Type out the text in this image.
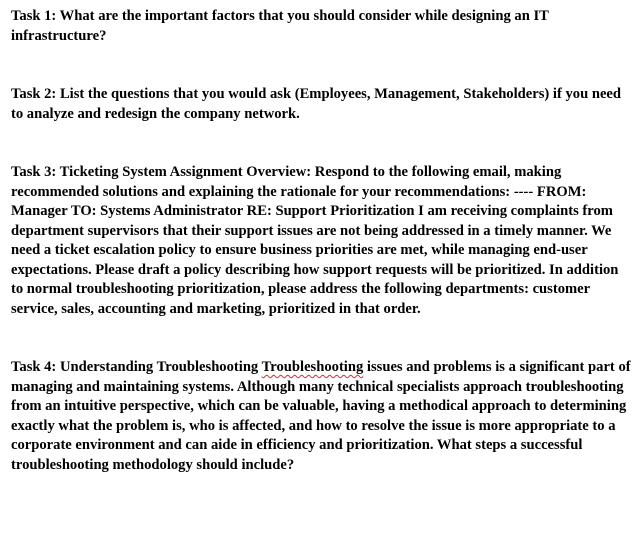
Task 1: What are the important factors that you should consider while designing an IT infrastructure?

Task 2: List the questions that you would ask (Employees, Management, Stakeholders) if you need to analyze and redesign the company network.

Task 3: Ticketing System Assignment Overview: Respond to the following email, making recommended solutions and explaining the rationale for your recommendations: ---- FROM: Manager TO: Systems Administrator RE: Support Prioritization I am receiving complaints from department supervisors that their support issues are not being addressed in a timely manner. We need a ticket escalation policy to ensure business priorities are met, while managing end-user expectations. Please draft a policy describing how support requests will be prioritized. In addition to normal troubleshooting prioritization, please address the following departments: customer service, sales, accounting and marketing, prioritized in that order.

Task 4: Understanding Troubleshooting Troubleshooting issues and problems is a significant part of managing and maintaining systems. Although many technical specialists approach troubleshooting from an intuitive perspective, which can be valuable, having a methodical approach to determining exactly what the problem is, who is affected, and how to resolve the issue is more appropriate to a corporate environment and can aide in efficiency and prioritization. What steps a successful troubleshooting methodology should include?
